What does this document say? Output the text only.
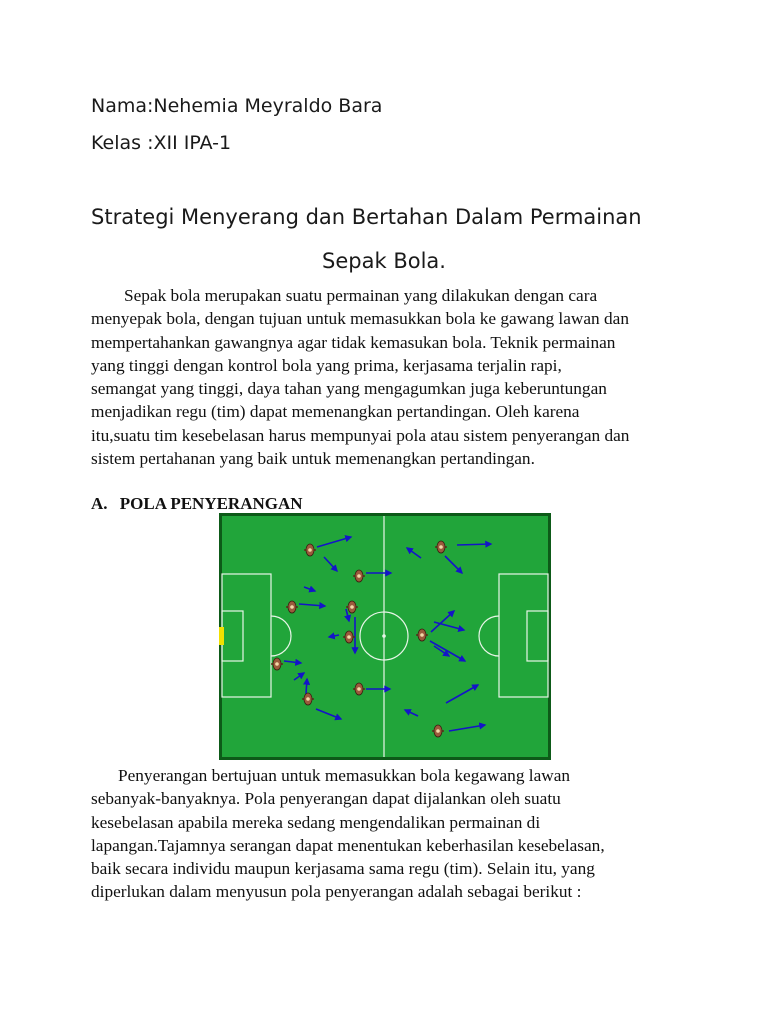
Nama:Nehemia Meyraldo Bara
Kelas :XII IPA-1
Strategi Menyerang dan Bertahan Dalam Permainan
Sepak Bola.
Sepak bola merupakan suatu permainan yang dilakukan dengan cara
menyepak bola, dengan tujuan untuk memasukkan bola ke gawang lawan dan
mempertahankan gawangnya agar tidak kemasukan bola. Teknik permainan
yang tinggi dengan kontrol bola yang prima, kerjasama terjalin rapi,
semangat yang tinggi, daya tahan yang mengagumkan juga keberuntungan
menjadikan regu (tim) dapat memenangkan pertandingan. Oleh karena
itu,suatu tim kesebelasan harus mempunyai pola atau sistem penyerangan dan
sistem pertahanan yang baik untuk memenangkan pertandingan.
A. POLA PENYERANGAN
Penyerangan bertujuan untuk memasukkan bola kegawang lawan
sebanyak-banyaknya. Pola penyerangan dapat dijalankan oleh suatu
kesebelasan apabila mereka sedang mengendalikan permainan di
lapangan.Tajamnya serangan dapat menentukan keberhasilan kesebelasan,
baik secara individu maupun kerjasama sama regu (tim). Selain itu, yang
diperlukan dalam menyusun pola penyerangan adalah sebagai berikut :
